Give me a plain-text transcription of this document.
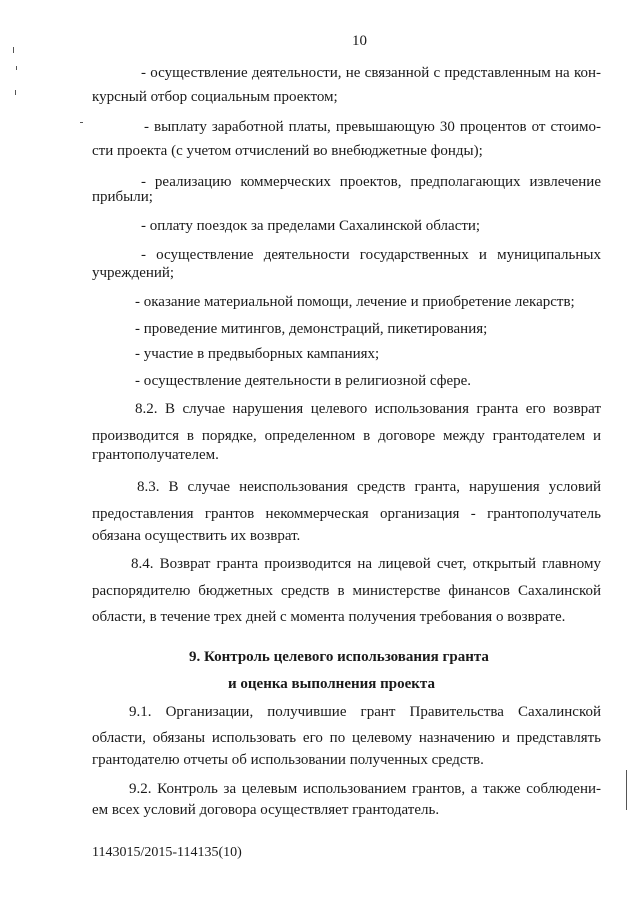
10
- осуществление деятельности, не связанной с представленным на кон-
курсный отбор социальным проектом;
- выплату заработной платы, превышающую 30 процентов от стоимо-
сти проекта (с учетом отчислений во внебюджетные фонды);
- реализацию коммерческих проектов, предполагающих извлечение
прибыли;
- оплату поездок за пределами Сахалинской области;
- осуществление деятельности государственных и муниципальных
учреждений;
- оказание материальной помощи, лечение и приобретение лекарств;
- проведение митингов, демонстраций, пикетирования;
- участие в предвыборных кампаниях;
- осуществление деятельности в религиозной сфере.
8.2. В случае нарушения целевого использования гранта его возврат
производится в порядке, определенном в договоре между грантодателем и
грантополучателем.
8.3. В случае неиспользования средств гранта, нарушения условий
предоставления грантов некоммерческая организация - грантополучатель
обязана осуществить их возврат.
8.4. Возврат гранта производится на лицевой счет, открытый главному
распорядителю бюджетных средств в министерстве финансов Сахалинской
области, в течение трех дней с момента получения требования о возврате.
9. Контроль целевого использования гранта
и оценка выполнения проекта
9.1. Организации, получившие грант Правительства Сахалинской
области, обязаны использовать его по целевому назначению и представлять
грантодателю отчеты об использовании полученных средств.
9.2. Контроль за целевым использованием грантов, а также соблюдени-
ем всех условий договора осуществляет грантодатель.
1143015/2015-114135(10)
